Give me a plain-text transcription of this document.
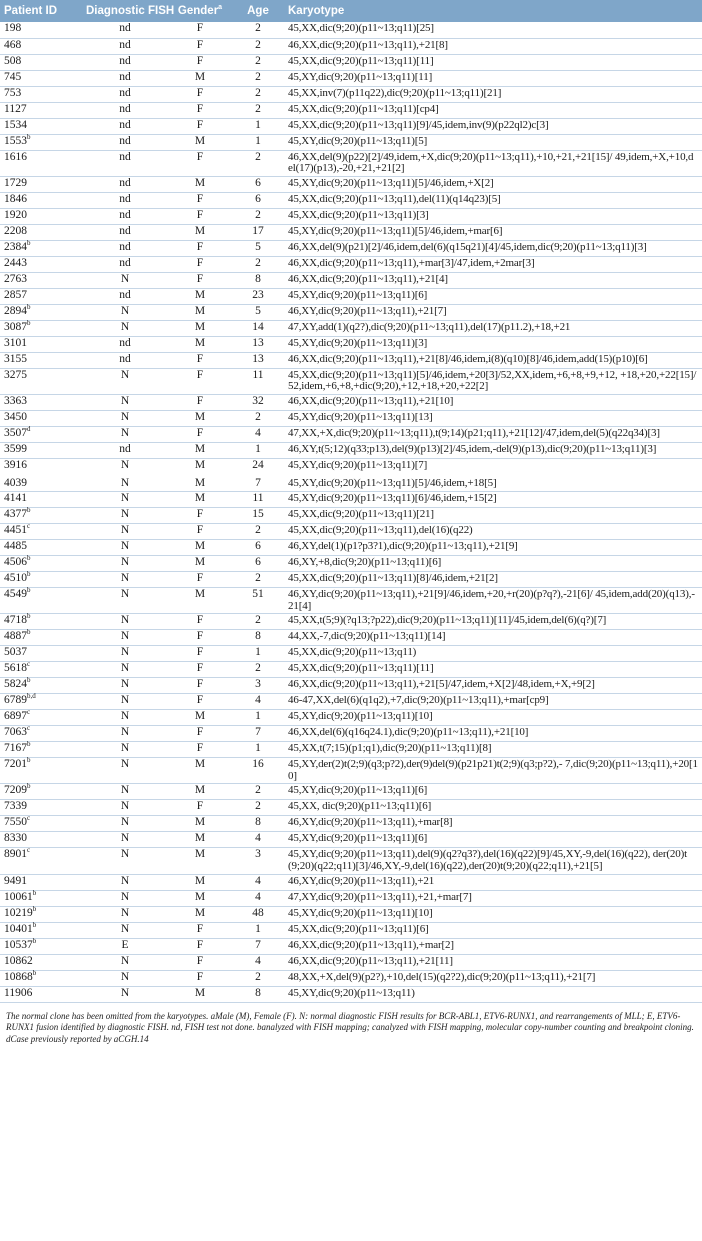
Patient ID	Diagnostic FISH	Gender$^a$	Age	Karyotype
198	nd	F	2	45,XX,dic(9;20)(p11~13;q11)[25]
468	nd	F	2	46,XX,dic(9;20)(p11~13;q11),+21[8]
508	nd	F	2	45,XX,dic(9;20)(p11~13;q11)[11]
745	nd	M	2	45,XY,dic(9;20)(p11~13;q11)[11]
753	nd	F	2	45,XX,inv(7)(p11q22),dic(9;20)(p11~13;q11)[21]
1127	nd	F	2	45,XX,dic(9;20)(p11~13;q11)[cp4]
1534	nd	F	1	45,XX,dic(9;20)(p11~13;q11)[9]/45,idem,inv(9)(p22ql2)c[3]
1553$^b$	nd	M	1	45,XY,dic(9;20)(p11~13;q11)[5]
1616	nd	F	2	46,XX,del(9)(p22)[2]/49,idem,+X,dic(9;20)(p11~13;q11),+10,+21,+21[15]/ 49,idem,+X,+10,del(17)(p13),-20,+21,+21[2]
1729	nd	M	6	45,XY,dic(9;20)(p11~13;q11)[5]/46,idem,+X[2]
1846	nd	F	6	45,XX,dic(9;20)(p11~13;q11),del(11)(q14q23)[5]
1920	nd	F	2	45,XX,dic(9;20)(p11~13;q11)[3]
2208	nd	M	17	45,XY,dic(9;20)(p11~13;q11)[5]/46,idem,+mar[6]
2384$^b$	nd	F	5	46,XX,del(9)(p21)[2]/46,idem,del(6)(q15q21)[4]/45,idem,dic(9;20)(p11~13;q11)[3]
2443	nd	F	2	46,XX,dic(9;20)(p11~13;q11),+mar[3]/47,idem,+2mar[3]
2763	N	F	8	46,XX,dic(9;20)(p11~13;q11),+21[4]
2857	nd	M	23	45,XY,dic(9;20)(p11~13;q11)[6]
2894$^b$	N	M	5	46,XY,dic(9;20)(p11~13;q11),+21[7]
3087$^b$	N	M	14	47,XY,add(1)(q2?),dic(9;20)(p11~13;q11),del(17)(p11.2),+18,+21
3101	nd	M	13	45,XY,dic(9;20)(p11~13;q11)[3]
3155	nd	F	13	46,XX,dic(9;20)(p11~13;q11),+21[8]/46,idem,i(8)(q10)[8]/46,idem,add(15)(p10)[6]
3275	N	F	11	45,XX,dic(9;20)(p11~13;q11)[5]/46,idem,+20[3]/52,XX,idem,+6,+8,+9,+12, +18,+20,+22[15]/52,idem,+6,+8,+dic(9;20),+12,+18,+20,+22[2]
3363	N	F	32	46,XX,dic(9;20)(p11~13;q11),+21[10]
3450	N	M	2	45,XY,dic(9;20)(p11~13;q11)[13]
3507$^d$	N	F	4	47,XX,+X,dic(9;20)(p11~13;q11),t(9;14)(p21;q11),+21[12]/47,idem,del(5)(q22q34)[3]
3599	nd	M	1	46,XY,t(5;12)(q33;p13),del(9)(p13)[2]/45,idem,-del(9)(p13),dic(9;20)(p11~13;q11)[3]
3916	N	M	24	45,XY,dic(9;20)(p11~13;q11)[7]
4039	N	M	7	45,XY,dic(9;20)(p11~13;q11)[5]/46,idem,+18[5]
4141	N	M	11	45,XY,dic(9;20)(p11~13;q11)[6]/46,idem,+15[2]
4377$^b$	N	F	15	45,XX,dic(9;20)(p11~13;q11)[21]
4451$^c$	N	F	2	45,XX,dic(9;20)(p11~13;q11),del(16)(q22)
4485	N	M	6	46,XY,del(1)(p1?p3?1),dic(9;20)(p11~13;q11),+21[9]
4506$^b$	N	M	6	46,XY,+8,dic(9;20)(p11~13;q11)[6]
4510$^b$	N	F	2	45,XX,dic(9;20)(p11~13;q11)[8]/46,idem,+21[2]
4549$^b$	N	M	51	46,XY,dic(9;20)(p11~13;q11),+21[9]/46,idem,+20,+r(20)(p?q?),-21[6]/ 45,idem,add(20)(q13),-21[4]
4718$^b$	N	F	2	45,XX,t(5;9)(?q13;?p22),dic(9;20)(p11~13;q11)[11]/45,idem,del(6)(q?)[7]
4887$^b$	N	F	8	44,XX,-7,dic(9;20)(p11~13;q11)[14]
5037	N	F	1	45,XX,dic(9;20)(p11~13;q11)
5618$^c$	N	F	2	45,XX,dic(9;20)(p11~13;q11)[11]
5824$^b$	N	F	3	46,XX,dic(9;20)(p11~13;q11),+21[5]/47,idem,+X[2]/48,idem,+X,+9[2]
6789$^{b,d}$	N	F	4	46-47,XX,del(6)(q1q2),+7,dic(9;20)(p11~13;q11),+mar[cp9]
6897$^c$	N	M	1	45,XY,dic(9;20)(p11~13;q11)[10]
7063$^c$	N	F	7	46,XX,del(6)(q16q24.1),dic(9;20)(p11~13;q11),+21[10]
7167$^b$	N	F	1	45,XX,t(7;15)(p1;q1),dic(9;20)(p11~13;q11)[8]
7201$^b$	N	M	16	45,XY,der(2)t(2;9)(q3;p?2),der(9)del(9)(p21p21)t(2;9)(q3;p?2),- 7,dic(9;20)(p11~13;q11),+20[10]
7209$^b$	N	M	2	45,XY,dic(9;20)(p11~13;q11)[6]
7339	N	F	2	45,XX, dic(9;20)(p11~13;q11)[6]
7550$^c$	N	M	8	46,XY,dic(9;20)(p11~13;q11),+mar[8]
8330	N	M	4	45,XY,dic(9;20)(p11~13;q11)[6]
8901$^c$	N	M	3	45,XY,dic(9;20)(p11~13;q11),del(9)(q2?q3?),del(16)(q22)[9]/45,XY,-9,del(16)(q22), der(20)t(9;20)(q22;q11)[3]/46,XY,-9,del(16)(q22),der(20)t(9;20)(q22;q11),+21[5]
9491	N	M	4	46,XY,dic(9;20)(p11~13;q11),+21
10061$^b$	N	M	4	47,XY,dic(9;20)(p11~13;q11),+21,+mar[7]
10219$^b$	N	M	48	45,XY,dic(9;20)(p11~13;q11)[10]
10401$^b$	N	F	1	45,XX,dic(9;20)(p11~13;q11)[6]
10537$^b$	E	F	7	46,XX,dic(9;20)(p11~13;q11),+mar[2]
10862	N	F	4	46,XX,dic(9;20)(p11~13;q11),+21[11]
10868$^b$	N	F	2	48,XX,+X,del(9)(p2?),+10,del(15)(q2?2),dic(9;20)(p11~13;q11),+21[7]
11906	N	M	8	45,XY,dic(9;20)(p11~13;q11)
The normal clone has been omitted from the karyotypes. aMale (M), Female (F). N: normal diagnostic FISH results for BCR-ABL1, ETV6-RUNX1, and rearrangements of MLL; E, ETV6-RUNX1 fusion identified by diagnostic FISH. nd, FISH test not done. banalyzed with FISH mapping; canalyzed with FISH mapping, molecular copy-number counting and breakpoint cloning. dCase previously reported by aCGH.14
